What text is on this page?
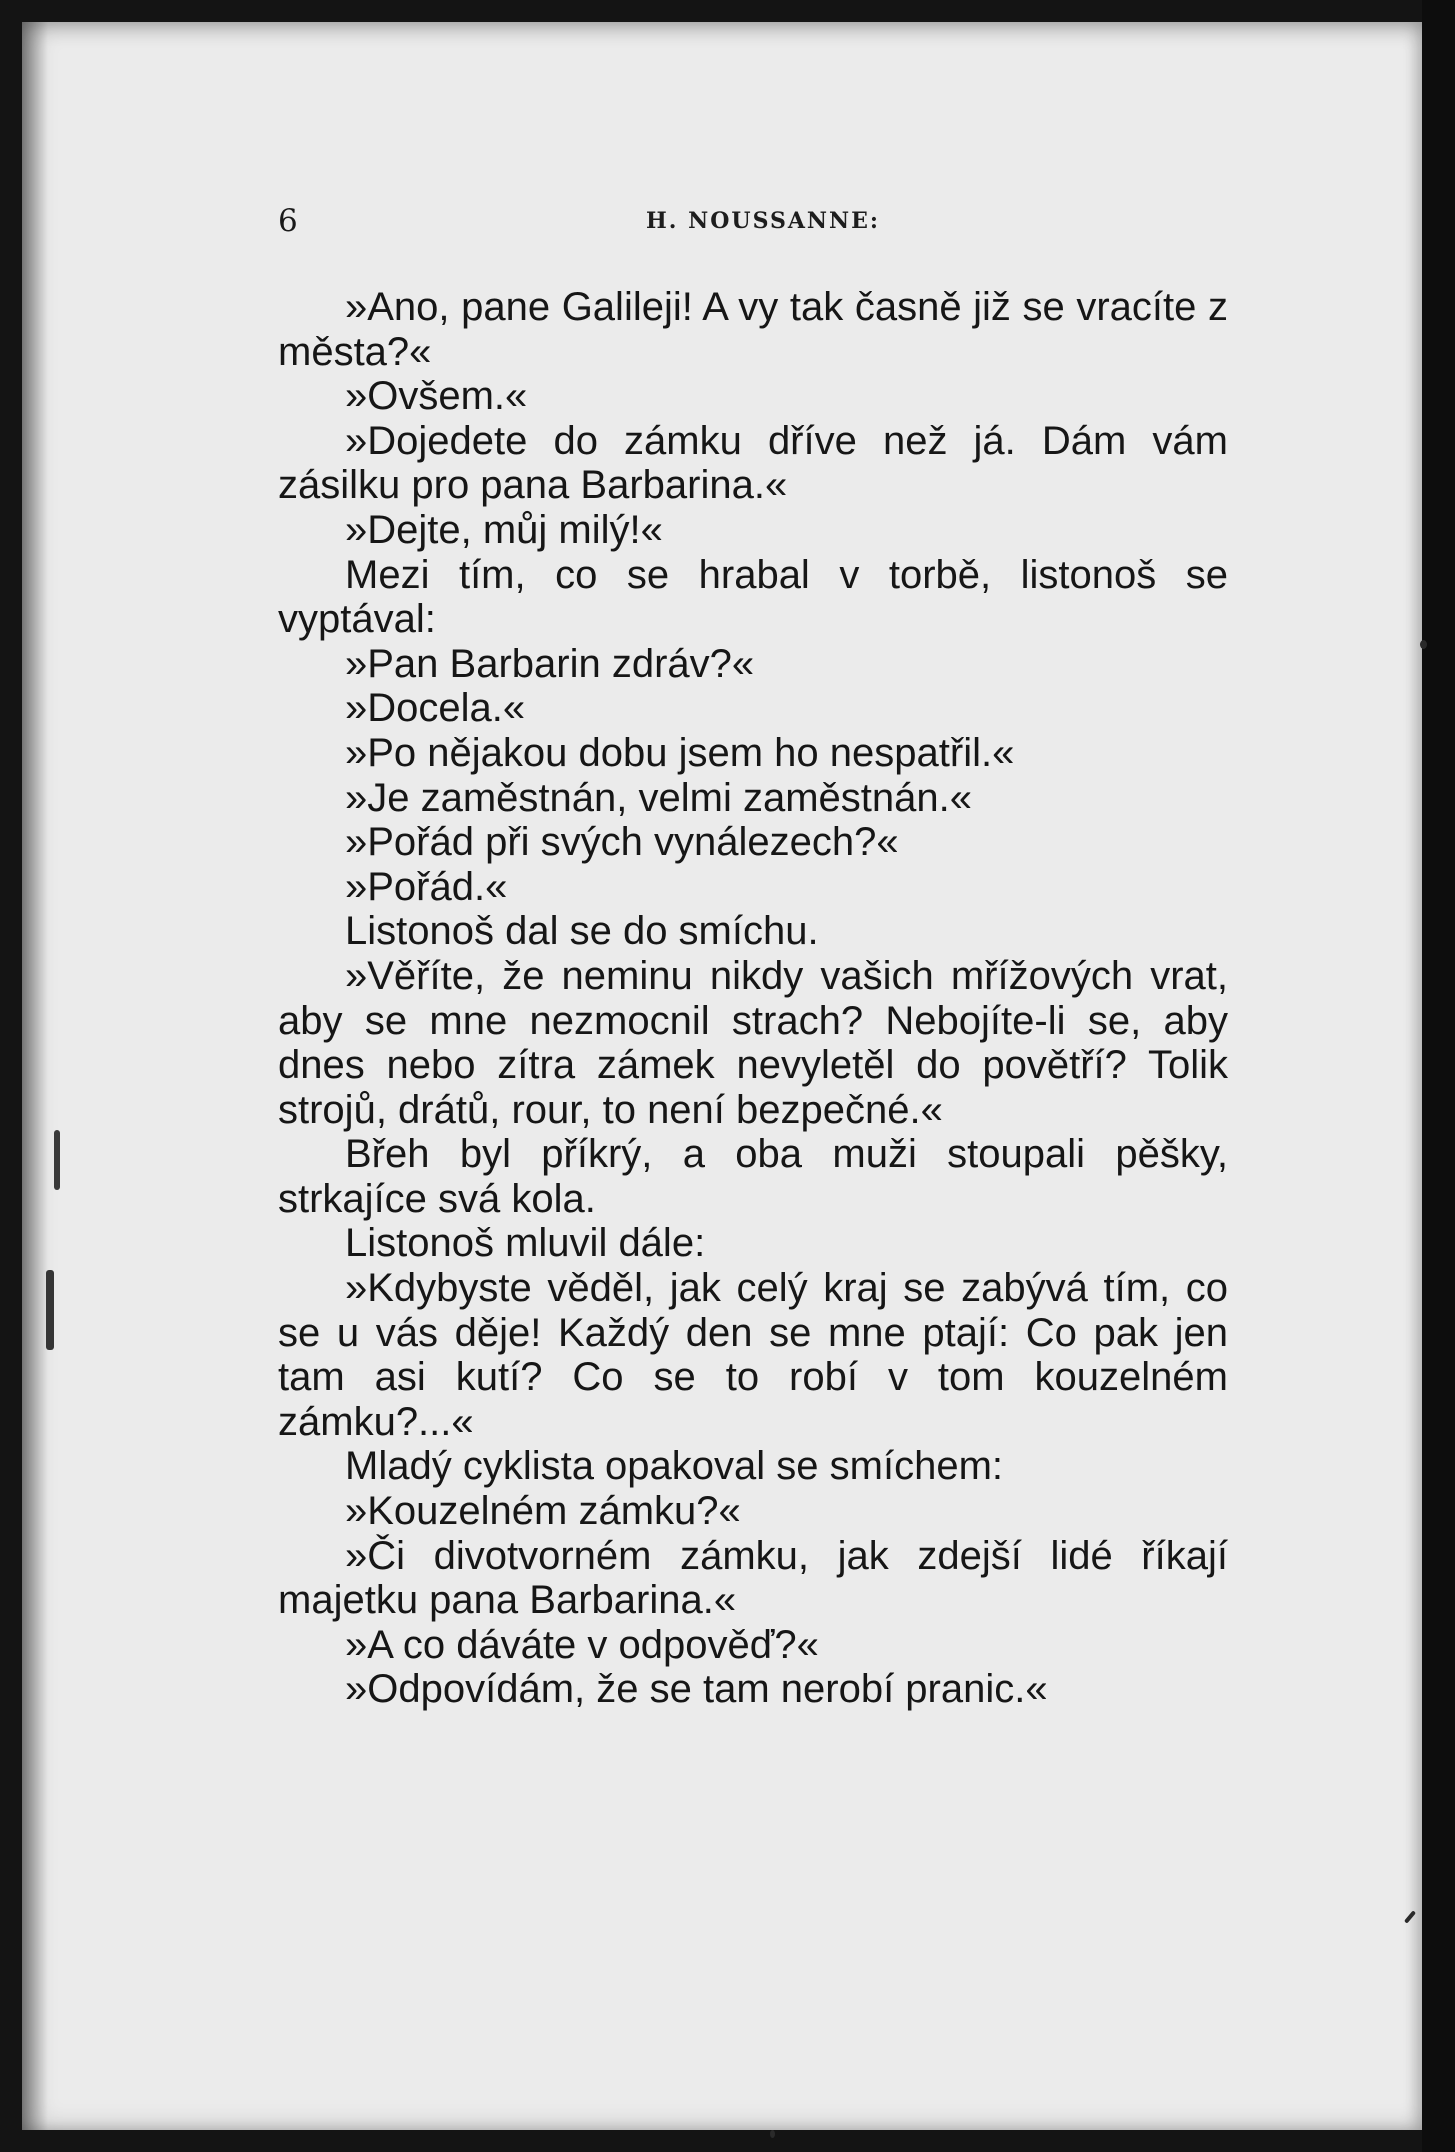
6	H. NOUSSANNE:

»Ano, pane Galileji! A vy tak časně již se vracíte z města?«

»Ovšem.«

»Dojedete do zámku dříve než já. Dám vám zásilku pro pana Barbarina.«

»Dejte, můj milý!«

Mezi tím, co se hrabal v torbě, listonoš se vyptával:

»Pan Barbarin zdráv?«

»Docela.«

»Po nějakou dobu jsem ho nespatřil.«

»Je zaměstnán, velmi zaměstnán.«

»Pořád při svých vynálezech?«

»Pořád.«

Listonoš dal se do smíchu.

»Věříte, že neminu nikdy vašich mřížových vrat, aby se mne nezmocnil strach? Nebojíte-li se, aby dnes nebo zítra zámek nevyletěl do povětří? Tolik strojů, drátů, rour, to není bezpečné.«

Břeh byl příkrý, a oba muži stoupali pěšky, strkajíce svá kola.

Listonoš mluvil dále:

»Kdybyste věděl, jak celý kraj se zabývá tím, co se u vás děje! Každý den se mne ptají: Co pak jen tam asi kutí? Co se to robí v tom kouzelném zámku?...«

Mladý cyklista opakoval se smíchem:

»Kouzelném zámku?«

»Či divotvorném zámku, jak zdejší lidé říkají majetku pana Barbarina.«

»A co dáváte v odpověď?«

»Odpovídám, že se tam nerobí pranic.«
